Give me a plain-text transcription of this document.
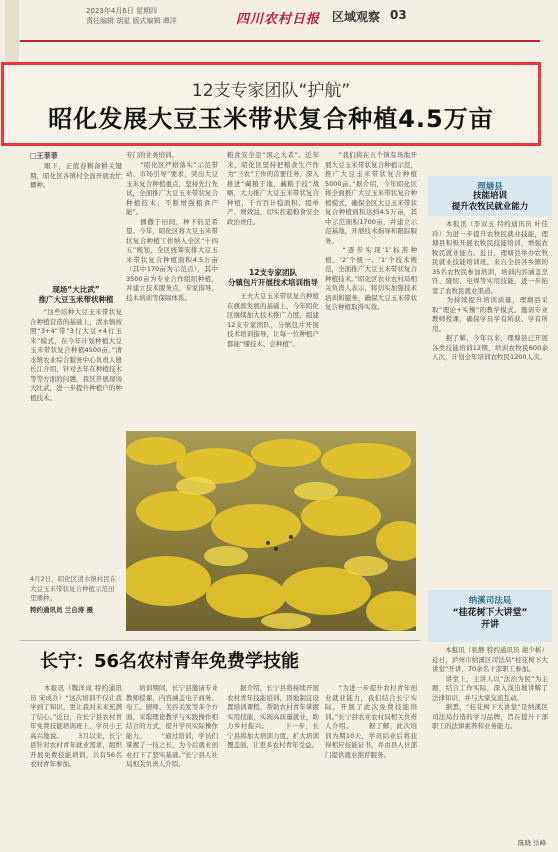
2023年4月6日 星期四
责任编辑 胡星 版式编辑 谭洋	四川农村日报 区域观察 03
12支专家团队“护航”
昭化发展大豆玉米带状复合种植4.5万亩
□王菲菲
　　眼下，正值春耕备耕关键期，昭化区各镇村全面开展农忙播种。
现场“大比武”
推广大豆玉米带状种植
　　“这些给种大豆玉米带状复合种植营造的基础上，清水镇按照“3+4”带“3行大豆+4行玉米”模式，在今年计划种植大豆玉米带状复合种植4500亩。”清水镇农业综合服务中心负责人殷长江介绍，针对去年在种植技术等等方面的问题，我区开展现场大比武，进一步提升种植户的种植技术。
专门的业务培训。
　　“昭化区严格落实“示范带动、市场引导”要求，突出大豆玉米复合种植重点，坚持先行先试，全面推广大豆玉米带状复合种植技术，不断增强粮食产能”。
　　播撒于田间，种下的是希望。今年，昭化区将大豆玉米带状复合种植工作纳入全区“十四五”规划，全区统筹安排大豆玉米带状复合种植面积4.5万亩（其中170亩为示范点），其中3500亩为专业合作组织种植，并建立技术服务点、专家指导、技术培训等保障体系。
粮食安全是“国之大者”。近年来，昭化区坚持把粮食生产作为“三农”工作的首要任务，深入推进“藏粮于地、藏粮于技”战略，大力推广大豆玉米带状复合种植，千方百计稳面积、提单产、增效益，切实扛起粮食安全政治责任。
12支专家团队
分镇包片开展技术培训指导
　　王夫大豆玉米带状复合种植在旗滨发展的基础上，今年昭化区继续加大技术推广力度，组建12支专家团队，分镇包片开展技术培训指导，让每一位种植户都能“懂技术、会种植”。
　　“我们将在五个镇有场地开展大豆玉米带状复合种植示范，推广大豆玉米带状复合种植5000亩。”据介绍，今年昭化区将全面推广大豆玉米带状复合种植模式，确保全区大豆玉米带状复合种植面积达到4.5万亩，其中示范面积1700亩，并建立示范基地，开展技术指导和跟踪服务。
　　“逐步实现‘1’标准种植、‘2’个统一、‘1’个技术规范，全面推广大豆玉米带状复合种植技术。”昭化区农业农村局相关负责人表示，将切实加强技术培训和服务，确保大豆玉米带状复合种植取得实效。
4月2日，昭化区清水镇村民在大豆玉米带状复合种植示范田里播种。
特约通讯员 兰自涛 摄
长宁：56名农村青年免费学技能
　　本报讯（魏洋成 特约通讯员 宋成兵）“这次培训不仅让我学到了知识，更让我对未来充满了信心。”近日，在长宁县农村青年免费技能培训班上，学员小王高兴地说。 　　3月以来，长宁县针对农村青年就业需求，组织开展免费技能培训，共有56名农村青年参加。
　　培训期间，长宁县邀请专业教师授课，内容涵盖电子商务、电工、厨师、美容美发等多个方面，采取理论教学与实践操作相结合的方式，提升学员实际操作能力。 　　“通过培训，学员们掌握了一技之长，为今后就业创业打下了坚实基础。”长宁县人社局相关负责人介绍。
　　据介绍，长宁县将持续开展农村青年技能培训，因地制宜设置培训课程，帮助农村青年掌握实用技能，实现高质量就业，助力乡村振兴。 　　下一步，长宁县将加大培训力度，扩大培训覆盖面，让更多农村青年受益。
　　“为进一步提升农村青年创业就业能力，我们结合长宁实际，开展了此次免费技能培训。”长宁县农业农村局相关负责人介绍。 　　据了解，此次培训为期10天，学员结业后将获得相应技能证书，并由县人社部门提供就业推荐服务。
理塘县
技能培训
提升农牧民就业能力
　　本报讯（李双玉 特约通讯员 叶佳玲）为进一步提升农牧民就业技能，理塘县积极开展农牧民技能培训，增强农牧民就业能力。近日，理塘县举办农牧民就业技能培训班，来自全县各乡镇的35名农牧民参加培训，培训内容涵盖烹饪、缝纫、电焊等实用技能，进一步拓宽了农牧民就业渠道。
　　为持续提升培训质量，理塘县采取“理论+实操”的教学模式，邀请专业教师授课，确保学员学有所获、学有所用。
　　据了解，今年以来，理塘县已开展各类技能培训12期，培训农牧民600余人次，计划全年培训农牧民1200人次。
纳溪司法局
“桂花树下大讲堂”
开讲
　　本报讯（张静 特约通讯员 谢少彬）近日，泸州市纳溪区司法局“桂花树下大讲堂”开讲，70余名干部职工参加。
　　讲堂上，主讲人以“法治为民”为主题，结合工作实际，深入浅出地讲解了法律知识，并与大家交流互动。
　　据悉，“桂花树下大讲堂”是纳溪区司法局打造的学习品牌，旨在提升干部职工的法律素养和业务能力。
陈晓 岳峰
